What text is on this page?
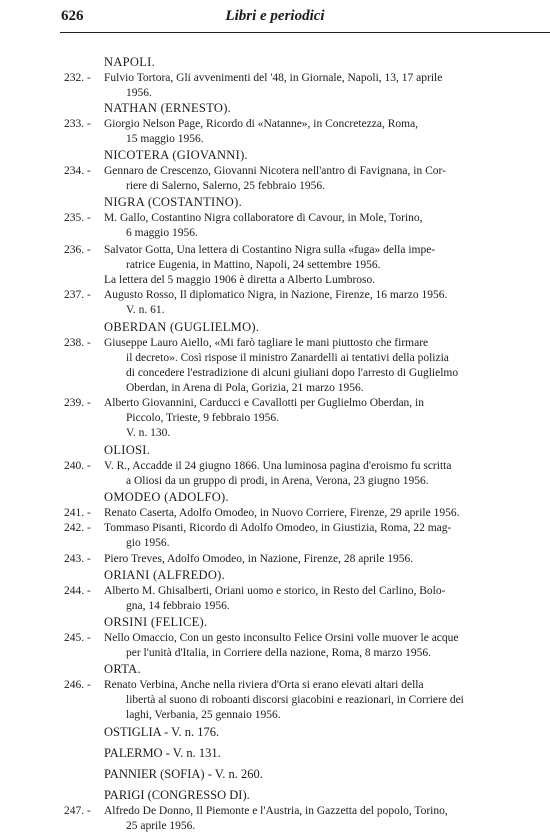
626	Libri e periodici
NAPOLI.
232. - Fulvio Tortora, Gli avvenimenti del '48, in Giornale, Napoli, 13, 17 aprile
1956.
NATHAN (ERNESTO).
233. - Giorgio Nelson Page, Ricordo di «Natanne», in Concretezza, Roma,
15 maggio 1956.
NICOTERA (GIOVANNI).
234. - Gennaro de Crescenzo, Giovanni Nicotera nell'antro di Favignana, in Cor-
riere di Salerno, Salerno, 25 febbraio 1956.
NIGRA (COSTANTINO).
235. - M. Gallo, Costantino Nigra collaboratore di Cavour, in Mole, Torino,
6 maggio 1956.
236. - Salvator Gotta, Una lettera di Costantino Nigra sulla «fuga» della impe-
ratrice Eugenia, in Mattino, Napoli, 24 settembre 1956.
La lettera del 5 maggio 1906 è diretta a Alberto Lumbroso.
237. - Augusto Rosso, Il diplomatico Nigra, in Nazione, Firenze, 16 marzo 1956.
V. n. 61.
OBERDAN (GUGLIELMO).
238. - Giuseppe Lauro Aiello, «Mi farò tagliare le mani piuttosto che firmare
il decreto». Così rispose il ministro Zanardelli ai tentativi della polizia
di concedere l'estradizione di alcuni giuliani dopo l'arresto di Guglielmo
Oberdan, in Arena di Pola, Gorizia, 21 marzo 1956.
239. - Alberto Giovannini, Carducci e Cavallotti per Guglielmo Oberdan, in
Piccolo, Trieste, 9 febbraio 1956.
V. n. 130.
OLIOSI.
240. - V. R., Accadde il 24 giugno 1866. Una luminosa pagina d'eroismo fu scritta
a Oliosi da un gruppo di prodi, in Arena, Verona, 23 giugno 1956.
OMODEO (ADOLFO).
241. - Renato Caserta, Adolfo Omodeo, in Nuovo Corriere, Firenze, 29 aprile 1956.
242. - Tommaso Pisanti, Ricordo di Adolfo Omodeo, in Giustizia, Roma, 22 mag-
gio 1956.
243. - Piero Treves, Adolfo Omodeo, in Nazione, Firenze, 28 aprile 1956.
ORIANI (ALFREDO).
244. - Alberto M. Ghisalberti, Oriani uomo e storico, in Resto del Carlino, Bolo-
gna, 14 febbraio 1956.
ORSINI (FELICE).
245. - Nello Omaccio, Con un gesto inconsulto Felice Orsini volle muover le acque
per l'unità d'Italia, in Corriere della nazione, Roma, 8 marzo 1956.
ORTA.
246. - Renato Verbina, Anche nella riviera d'Orta si erano elevati altari della
libertà al suono di roboanti discorsi giacobini e reazionari, in Corriere dei
laghi, Verbania, 25 gennaio 1956.
OSTIGLIA - V. n. 176.
PALERMO - V. n. 131.
PANNIER (SOFIA) - V. n. 260.
PARIGI (CONGRESSO DI).
247. - Alfredo De Donno, Il Piemonte e l'Austria, in Gazzetta del popolo, Torino,
25 aprile 1956.
